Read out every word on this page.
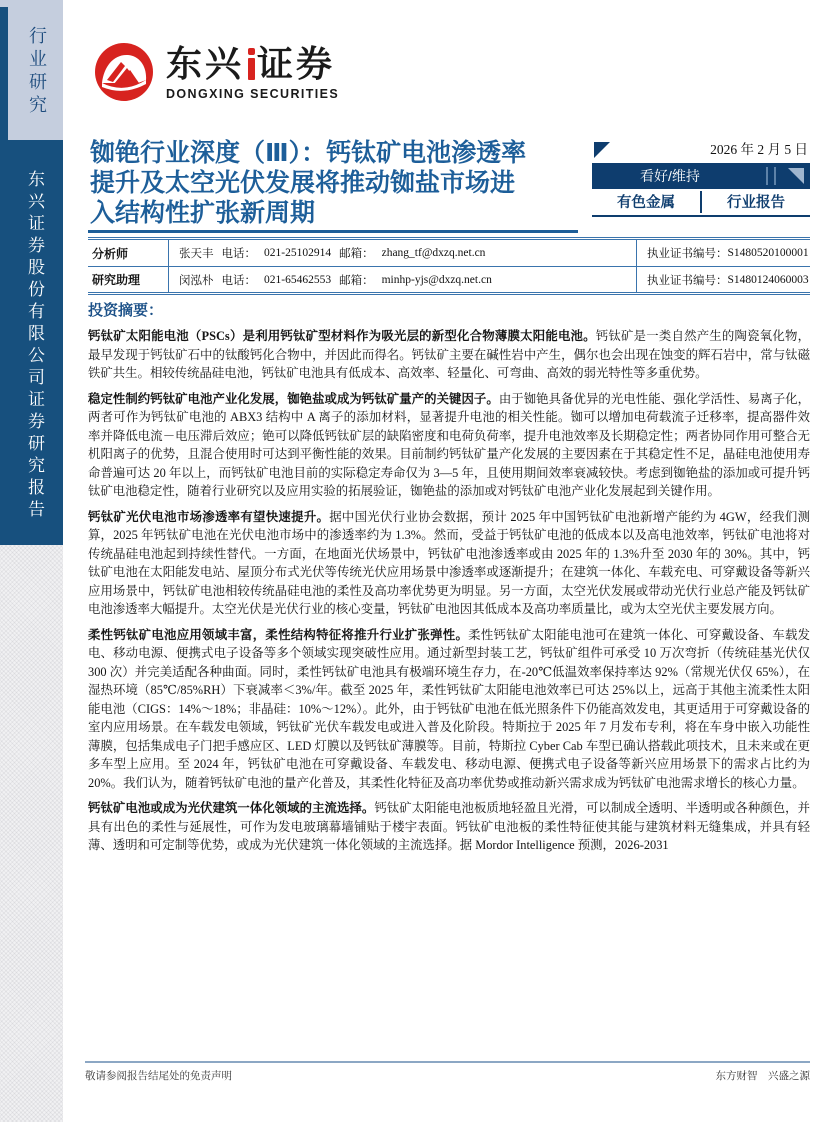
行业研究
东兴证券股份有限公司证券研究报告
东兴 证券
DONGXING SECURITIES
铷铯行业深度（Ⅲ）：钙钛矿电池渗透率
提升及太空光伏发展将推动铷盐市场进
入结构性扩张新周期
2026 年 2 月 5 日
看好/维持
有色金属	行业报告
分析师	张天丰 电话： 021-25102914 邮箱： zhang_tf@dxzq.net.cn	执业证书编号： S1480520100001
研究助理	闵泓朴 电话： 021-65462553 邮箱： minhp-yjs@dxzq.net.cn	执业证书编号： S1480124060003
投资摘要：

钙钛矿太阳能电池（PSCs）是利用钙钛矿型材料作为吸光层的新型化合物薄膜太阳能电池。钙钛矿是一类自然产生的陶瓷氧化物，最早发现于钙钛矿石中的钛酸钙化合物中，并因此而得名。钙钛矿主要在碱性岩中产生，偶尔也会出现在蚀变的辉石岩中，常与钛磁铁矿共生。相较传统晶硅电池，钙钛矿电池具有低成本、高效率、轻量化、可弯曲、高效的弱光特性等多重优势。

稳定性制约钙钛矿电池产业化发展，铷铯盐或成为钙钛矿量产的关键因子。由于铷铯具备优异的光电性能、强化学活性、易离子化，两者可作为钙钛矿电池的 ABX3 结构中 A 离子的添加材料，显著提升电池的相关性能。铷可以增加电荷载流子迁移率，提高器件效率并降低电流－电压滞后效应；铯可以降低钙钛矿层的缺陷密度和电荷负荷率，提升电池效率及长期稳定性；两者协同作用可整合无机阳离子的优势，且混合使用时可达到平衡性能的效果。目前制约钙钛矿量产化发展的主要因素在于其稳定性不足，晶硅电池使用寿命普遍可达 20 年以上，而钙钛矿电池目前的实际稳定寿命仅为 3—5 年，且使用期间效率衰减较快。考虑到铷铯盐的添加或可提升钙钛矿电池稳定性，随着行业研究以及应用实验的拓展验证，铷铯盐的添加或对钙钛矿电池产业化发展起到关键作用。

钙钛矿光伏电池市场渗透率有望快速提升。据中国光伏行业协会数据，预计 2025 年中国钙钛矿电池新增产能约为 4GW，经我们测算，2025 年钙钛矿电池在光伏电池市场中的渗透率约为 1.3%。然而，受益于钙钛矿电池的低成本以及高电池效率，钙钛矿电池将对传统晶硅电池起到持续性替代。一方面，在地面光伏场景中，钙钛矿电池渗透率或由 2025 年的 1.3%升至 2030 年的 30%。其中，钙钛矿电池在太阳能发电站、屋顶分布式光伏等传统光伏应用场景中渗透率或逐渐提升；在建筑一体化、车载充电、可穿戴设备等新兴应用场景中，钙钛矿电池相较传统晶硅电池的柔性及高功率优势更为明显。另一方面，太空光伏发展或带动光伏行业总产能及钙钛矿电池渗透率大幅提升。太空光伏是光伏行业的核心变量，钙钛矿电池因其低成本及高功率质量比，或为太空光伏主要发展方向。

柔性钙钛矿电池应用领域丰富，柔性结构特征将推升行业扩张弹性。柔性钙钛矿太阳能电池可在建筑一体化、可穿戴设备、车载发电、移动电源、便携式电子设备等多个领域实现突破性应用。通过新型封装工艺，钙钛矿组件可承受 10 万次弯折（传统硅基光伏仅 300 次）并完美适配各种曲面。同时，柔性钙钛矿电池具有极端环境生存力，在-20℃低温效率保持率达 92%（常规光伏仅 65%），在湿热环境（85℃/85%RH）下衰减率＜3%/年。截至 2025 年，柔性钙钛矿太阳能电池效率已可达 25%以上，远高于其他主流柔性太阳能电池（CIGS：14%～18%；非晶硅：10%～12%）。此外，由于钙钛矿电池在低光照条件下仍能高效发电，其更适用于可穿戴设备的室内应用场景。在车载发电领域，钙钛矿光伏车载发电或进入普及化阶段。特斯拉于 2025 年 7 月发布专利，将在车身中嵌入功能性薄膜，包括集成电子门把手感应区、LED 灯膜以及钙钛矿薄膜等。目前，特斯拉 Cyber Cab 车型已确认搭载此项技术，且未来或在更多车型上应用。至 2024 年，钙钛矿电池在可穿戴设备、车载发电、移动电源、便携式电子设备等新兴应用场景下的需求占比约为 20%。我们认为，随着钙钛矿电池的量产化普及，其柔性化特征及高功率优势或推动新兴需求成为钙钛矿电池需求增长的核心力量。

钙钛矿电池或成为光伏建筑一体化领域的主流选择。钙钛矿太阳能电池板质地轻盈且光滑，可以制成全透明、半透明或各种颜色，并具有出色的柔性与延展性，可作为发电玻璃幕墙铺贴于楼宇表面。钙钛矿电池板的柔性特征使其能与建筑材料无缝集成，并具有轻薄、透明和可定制等优势，或成为光伏建筑一体化领域的主流选择。据 Mordor Intelligence 预测，2026-2031

敬请参阅报告结尾处的免责声明	东方财智　兴盛之源
